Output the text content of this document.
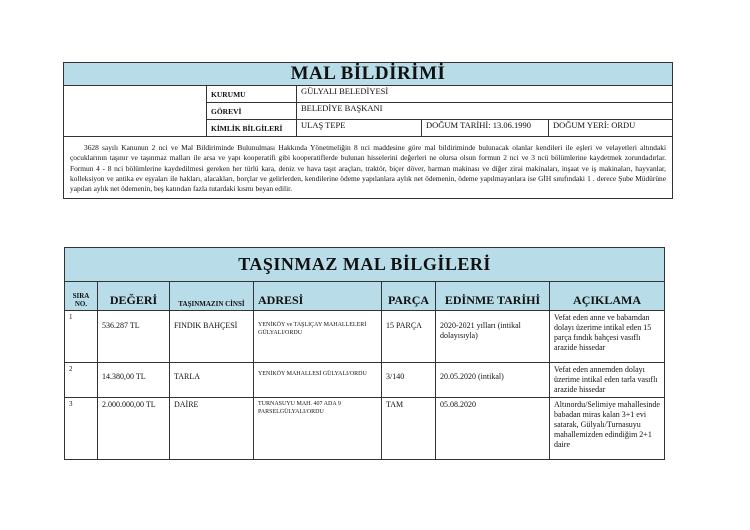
MAL BİLDİRİMİ				
	KURUMU	GÜLYALI BELEDİYESİ		
	GÖREVİ	BELEDİYE BAŞKANI		
	KİMLİK BİLGİLERİ	ULAŞ TEPE	DOĞUM TARİHİ: 13.06.1990	DOĞUM YERİ: ORDU
3628 sayılı Kanunun 2 nci ve Mal Bildiriminde Bulunulması Hakkında Yönetmeliğin 8 nci maddesine göre mal bildiriminde bulunacak olanlar kendileri ile eşleri ve velayetleri altındaki çocuklarının taşınır ve taşınmaz malları ile arsa ve yapı kooperatifi gibi kooperatiflerde bulunan hisselerini değerleri ne olursa olsun formun 2 nci ve 3 ncü bölümlerine kaydetmek zorundadırlar. Formun 4 - 8 nci bölümlerine kaydedilmesi gereken her türlü kara, deniz ve hava taşıt araçları, traktör, biçer döver, harman makinası ve diğer zirai makinaları, inşaat ve iş makinaları, hayvanlar, kolleksiyon ve antika ev eşyaları ile hakları, alacakları, borçlar ve gelirlerden, kendilerine ödeme yapılanlara aylık net ödemenin, ödeme yapılmayanlara ise GİH sınıfındaki 1 . derece Şube Müdürüne yapılan aylık net ödemenin, beş katından fazla tutardaki kısmı beyan edilir.				
TAŞINMAZ MAL BİLGİLERİ						
SIRA NO.	DEĞERİ	TAŞINMAZIN CİNSİ	ADRESİ	PARÇA	EDİNME TARİHİ	AÇIKLAMA
1	536.287 TL	FINDIK BAHÇESİ	YENİKÖY ve TAŞLIÇAY MAHALLELERİ GÜLYALI/ORDU	15 PARÇA	2020-2021 yılları (intikal dolayısıyla)	Vefat eden anne ve babamdan dolayı üzerime intikal eden 15 parça fındık bahçesi vasıflı arazide hissedar
2	14.380,00 TL	TARLA	YENİKÖY MAHALLESİ GÜLYALI/ORDU	3/140	20.05.2020 (intikal)	Vefat eden annemden dolayı üzerime intikal eden tarla vasıflı arazide hissedar
3	2.000.000,00 TL	DAİRE	TURNASUYU MAH. 407 ADA 9 PARSELGÜLYALI/ORDU	TAM	05.08.2020	Altınordu/Selimiye mahallesinde babadan miras kalan 3+1 evi satarak, Gülyalı/Turnasuyu mahallemizden edindiğim 2+1 daire
